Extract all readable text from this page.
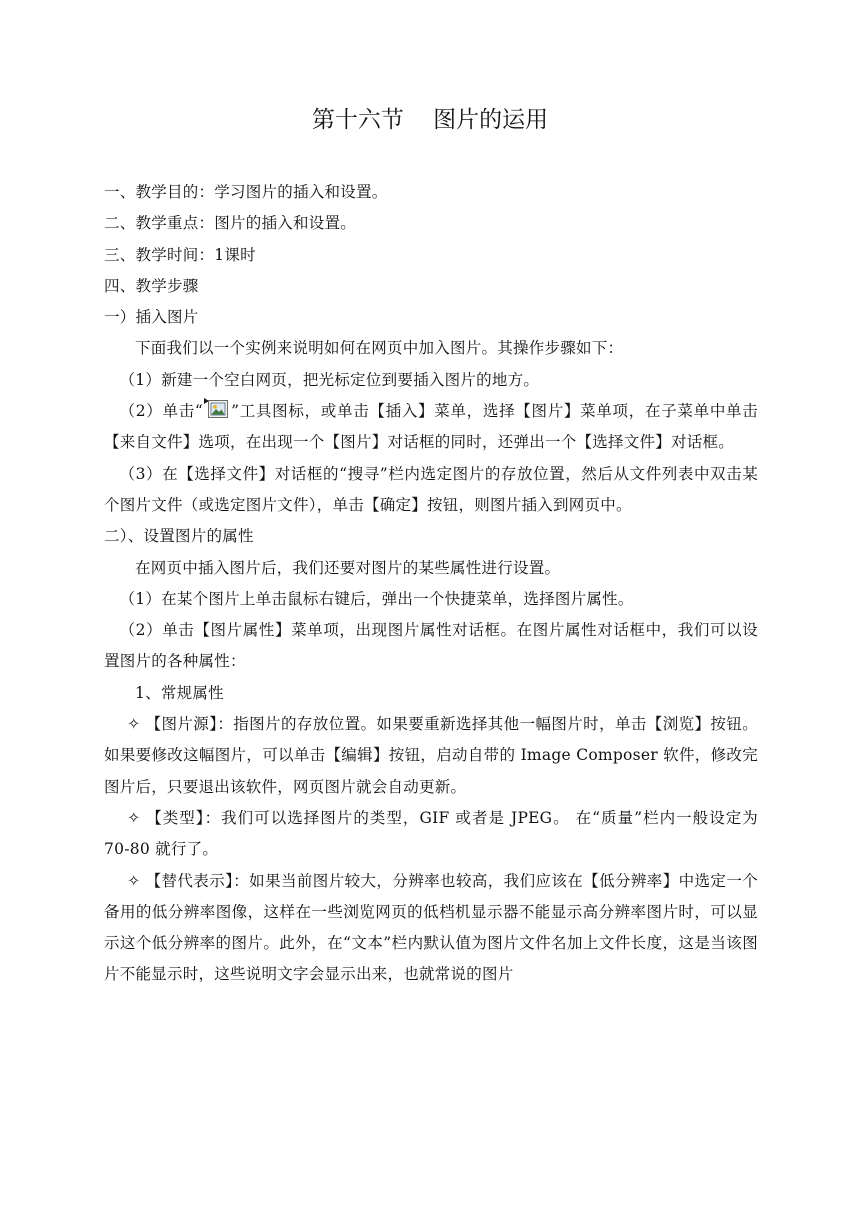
第十六节    图片的运用

一、教学目的：学习图片的插入和设置。

二、教学重点：图片的插入和设置。

三、教学时间：1课时

四、教学步骤

一）插入图片

下面我们以一个实例来说明如何在网页中加入图片。其操作步骤如下：

（1）新建一个空白网页，把光标定位到要插入图片的地方。

（2）单击“ ”工具图标，或单击【插入】菜单，选择【图片】菜单项，在子菜单中单击【来自文件】选项，在出现一个【图片】对话框的同时，还弹出一个【选择文件】对话框。

（3）在【选择文件】对话框的“搜寻”栏内选定图片的存放位置，然后从文件列表中双击某个图片文件（或选定图片文件），单击【确定】按钮，则图片插入到网页中。

二）、设置图片的属性

在网页中插入图片后，我们还要对图片的某些属性进行设置。

（1）在某个图片上单击鼠标右键后，弹出一个快捷菜单，选择图片属性。

（2）单击【图片属性】菜单项，出现图片属性对话框。在图片属性对话框中，我们可以设置图片的各种属性：

1、常规属性

✧ 【图片源】：指图片的存放位置。如果要重新选择其他一幅图片时，单击【浏览】按钮。如果要修改这幅图片，可以单击【编辑】按钮，启动自带的 Image Composer 软件，修改完图片后，只要退出该软件，网页图片就会自动更新。

✧ 【类型】：我们可以选择图片的类型，GIF 或者是 JPEG。 在“质量”栏内一般设定为 70-80 就行了。

✧ 【替代表示】：如果当前图片较大，分辨率也较高，我们应该在【低分辨率】中选定一个备用的低分辨率图像，这样在一些浏览网页的低档机显示器不能显示高分辨率图片时，可以显示这个低分辨率的图片。此外，在“文本”栏内默认值为图片文件名加上文件长度，这是当该图片不能显示时，这些说明文字会显示出来，也就常说的图片
